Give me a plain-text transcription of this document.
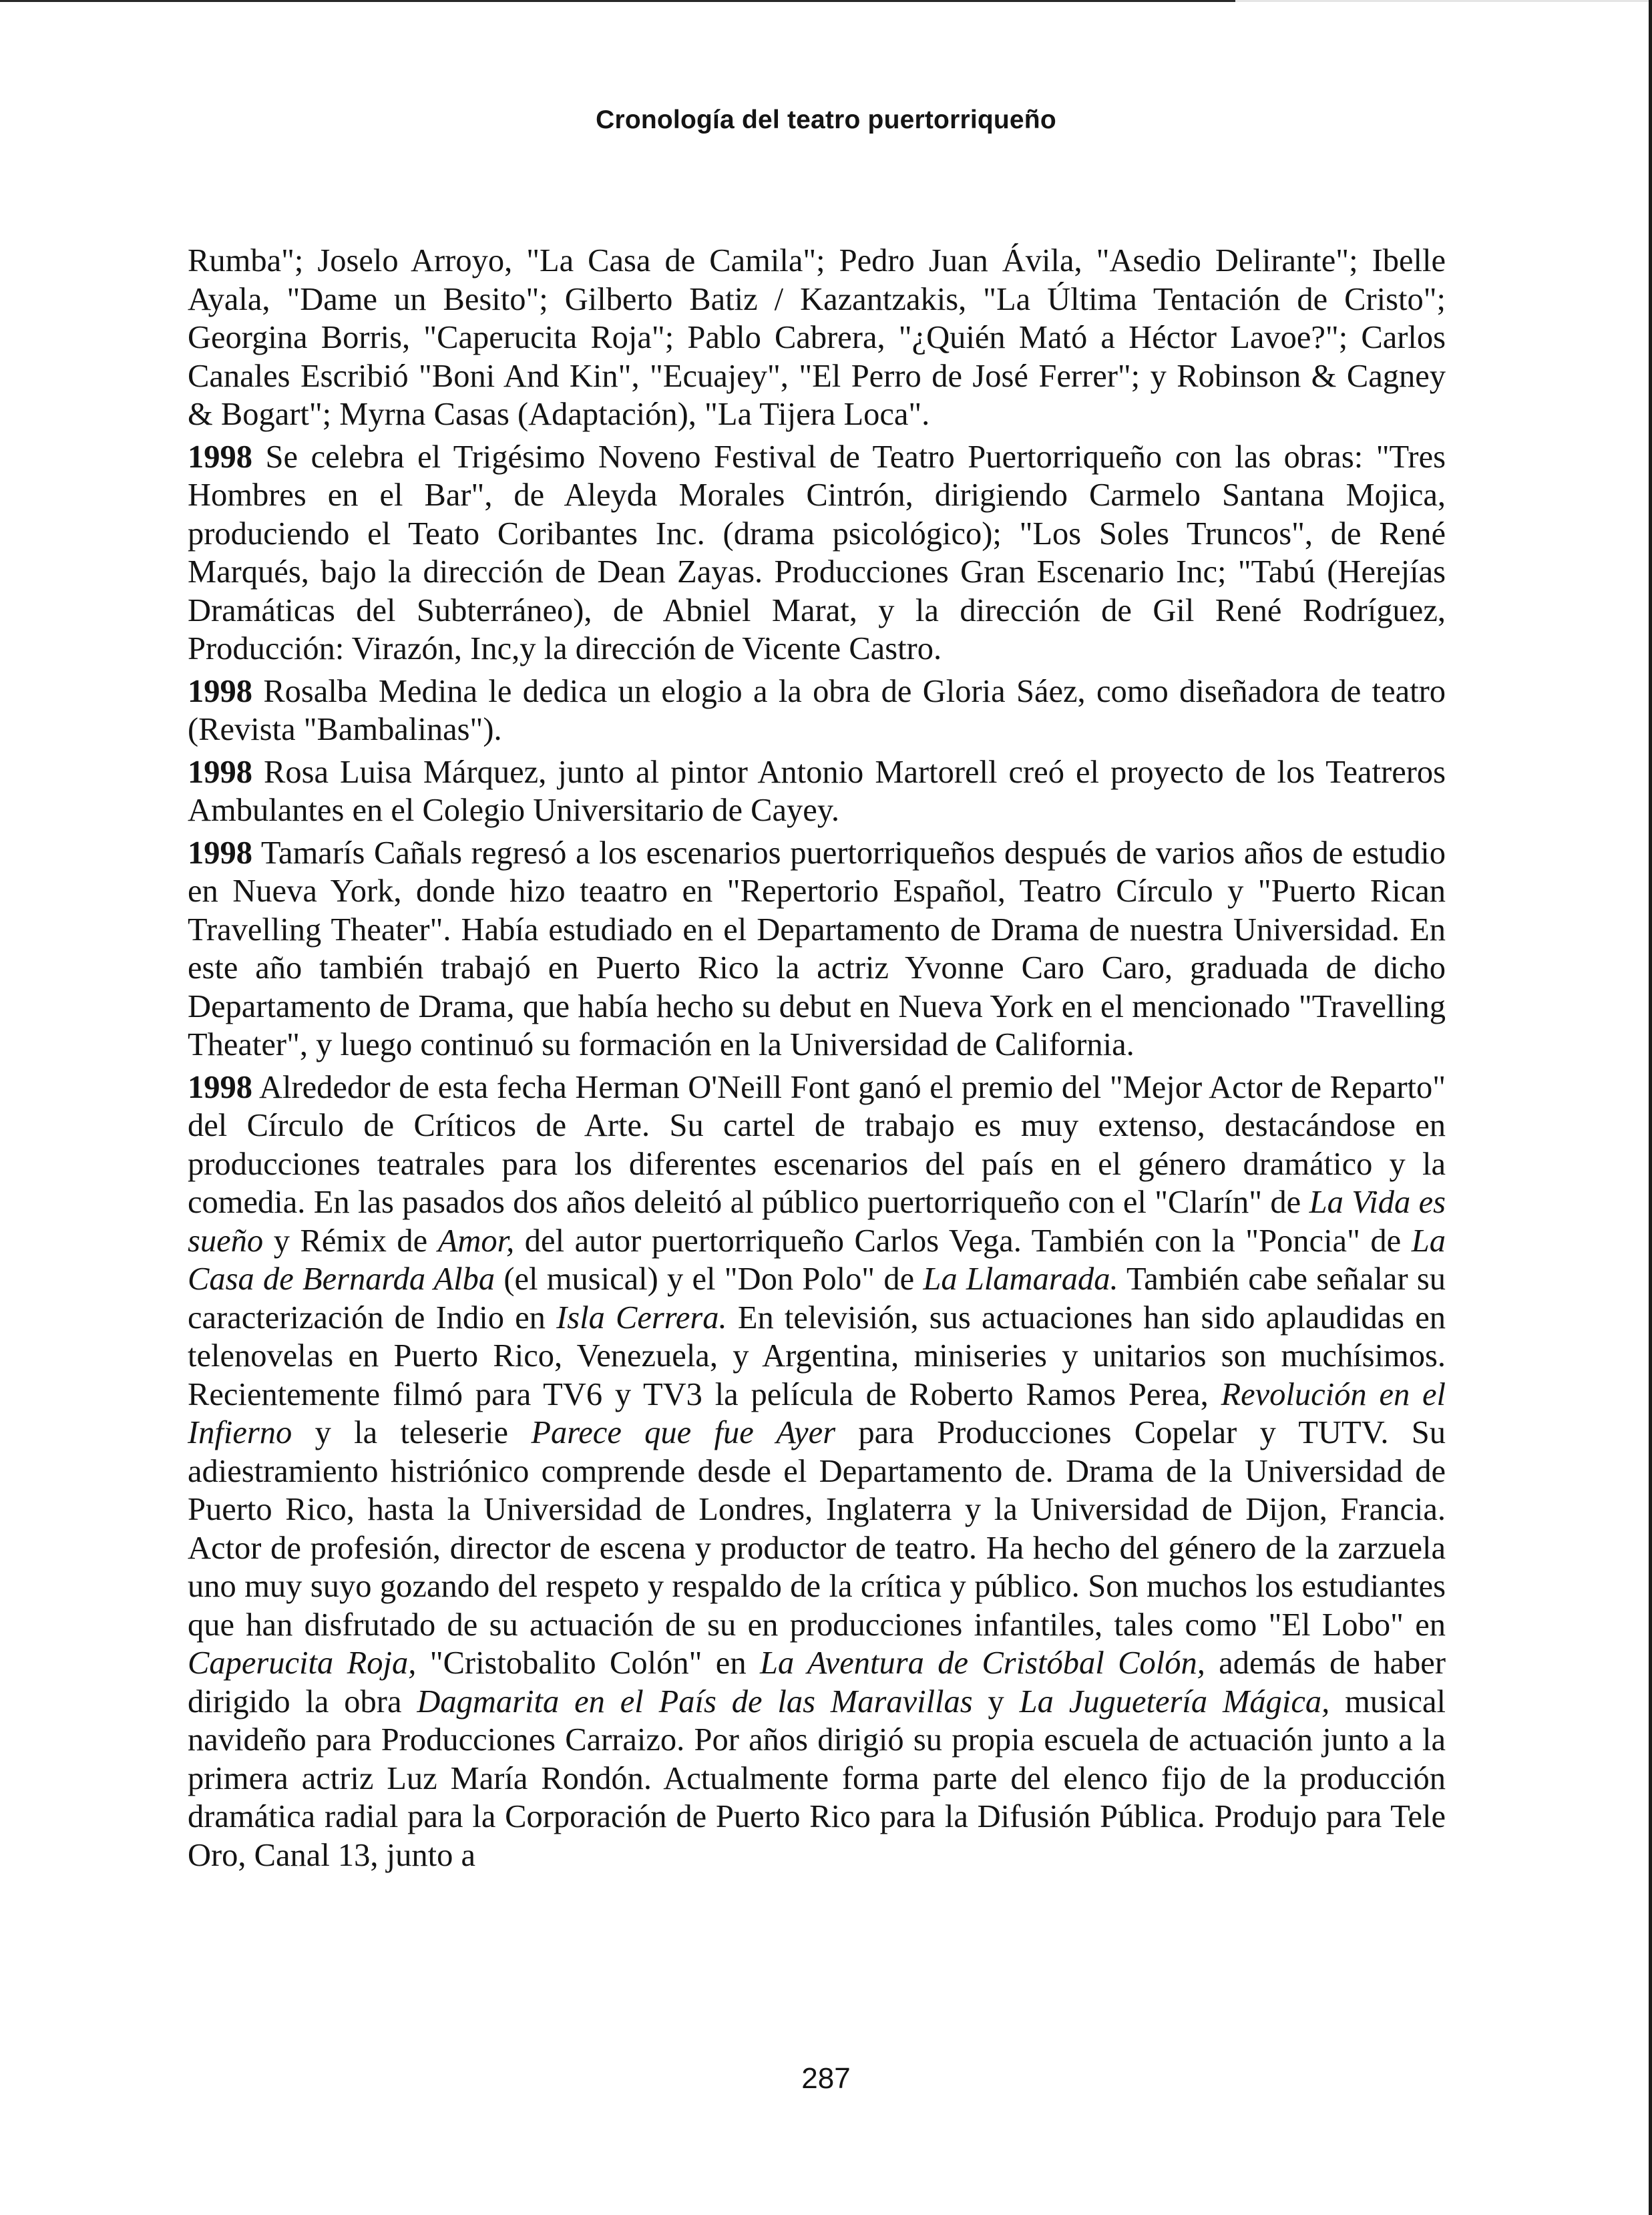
Cronología del teatro puertorriqueño

Rumba"; Joselo Arroyo, "La Casa de Camila"; Pedro Juan Ávila, "Asedio Delirante"; Ibelle Ayala, "Dame un Besito"; Gilberto Batiz / Kazantzakis, "La Última Tentación de Cristo"; Georgina Borris, "Caperucita Roja"; Pablo Cabrera, "¿Quién Mató a Héctor Lavoe?"; Carlos Canales Escribió "Boni And Kin", "Ecuajey", "El Perro de José Ferrer"; y Robinson & Cagney & Bogart"; Myrna Casas (Adaptación), "La Tijera Loca".

1998 Se celebra el Trigésimo Noveno Festival de Teatro Puertorriqueño con las obras: "Tres Hombres en el Bar", de Aleyda Morales Cintrón, dirigiendo Carmelo Santana Mojica, produciendo el Teato Coribantes Inc. (drama psicológico); "Los Soles Truncos", de René Marqués, bajo la dirección de Dean Zayas. Producciones Gran Escenario Inc; "Tabú (Herejías Dramáticas del Subterráneo), de Abniel Marat, y la dirección de Gil René Rodríguez, Producción: Virazón, Inc,y la dirección de Vicente Castro.

1998 Rosalba Medina le dedica un elogio a la obra de Gloria Sáez, como diseñadora de teatro (Revista "Bambalinas").

1998 Rosa Luisa Márquez, junto al pintor Antonio Martorell creó el proyecto de los Teatreros Ambulantes en el Colegio Universitario de Cayey.

1998 Tamarís Cañals regresó a los escenarios puertorriqueños después de varios años de estudio en Nueva York, donde hizo teaatro en "Repertorio Español, Teatro Círculo y "Puerto Rican Travelling Theater". Había estudiado en el Departamento de Drama de nuestra Universidad. En este año también trabajó en Puerto Rico la actriz Yvonne Caro Caro, graduada de dicho Departamento de Drama, que había hecho su debut en Nueva York en el mencionado "Travelling Theater", y luego continuó su formación en la Universidad de California.

1998 Alrededor de esta fecha Herman O'Neill Font ganó el premio del "Mejor Actor de Reparto" del Círculo de Críticos de Arte. Su cartel de trabajo es muy extenso, destacándose en producciones teatrales para los diferentes escenarios del país en el género dramático y la comedia. En las pasados dos años deleitó al público puertorriqueño con el "Clarín" de La Vida es sueño y Rémix de Amor, del autor puertorriqueño Carlos Vega. También con la "Poncia" de La Casa de Bernarda Alba (el musical) y el "Don Polo" de La Llamarada. También cabe señalar su caracterización de Indio en Isla Cerrera. En televisión, sus actuaciones han sido aplaudidas en telenovelas en Puerto Rico, Venezuela, y Argentina, miniseries y unitarios son muchísimos. Recientemente filmó para TV6 y TV3 la película de Roberto Ramos Perea, Revolución en el Infierno y la teleserie Parece que fue Ayer para Producciones Copelar y TUTV. Su adiestramiento histriónico comprende desde el Departamento de. Drama de la Universidad de Puerto Rico, hasta la Universidad de Londres, Inglaterra y la Universidad de Dijon, Francia. Actor de profesión, director de escena y productor de teatro. Ha hecho del género de la zarzuela uno muy suyo gozando del respeto y respaldo de la crítica y público. Son muchos los estudiantes que han disfrutado de su actuación de su en producciones infantiles, tales como "El Lobo" en Caperucita Roja, "Cristobalito Colón" en La Aventura de Cristóbal Colón, además de haber dirigido la obra Dagmarita en el País de las Maravillas y La Juguetería Mágica, musical navideño para Producciones Carraizo. Por años dirigió su propia escuela de actuación junto a la primera actriz Luz María Rondón. Actualmente forma parte del elenco fijo de la producción dramática radial para la Corporación de Puerto Rico para la Difusión Pública. Produjo para Tele Oro, Canal 13, junto a

287
